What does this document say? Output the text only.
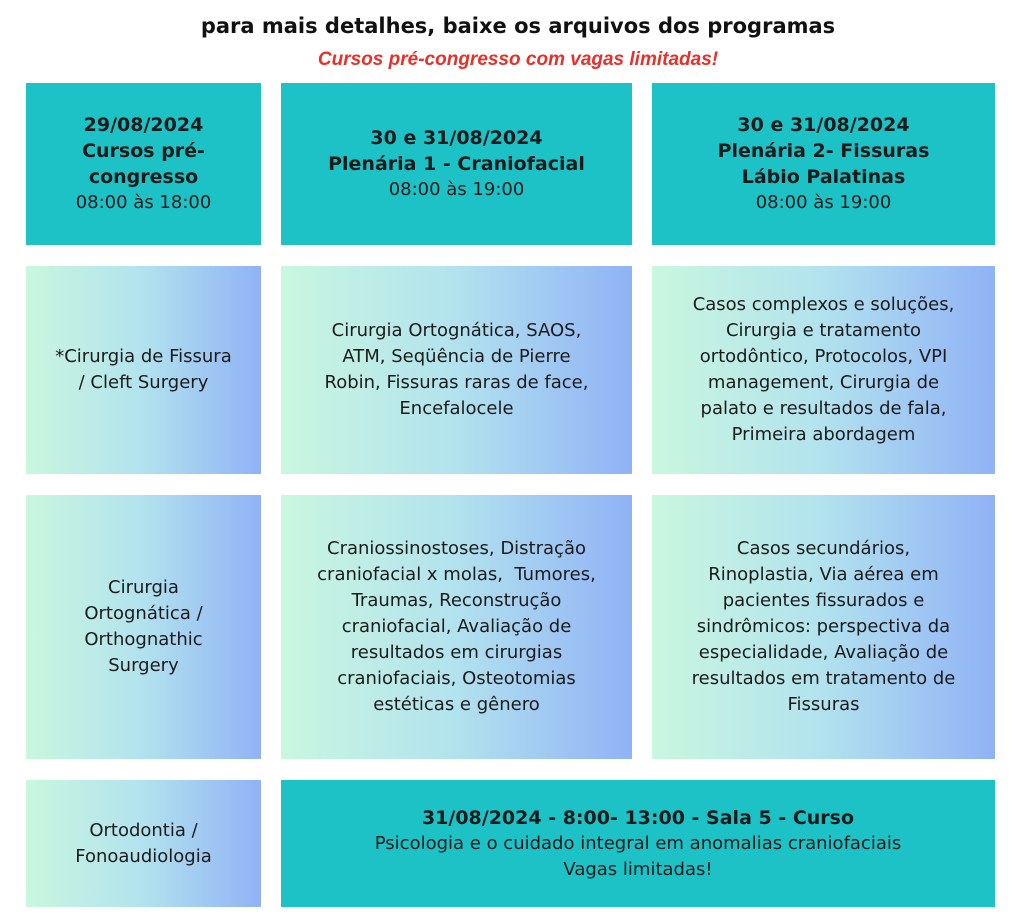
para mais detalhes, baixe os arquivos dos programas
Cursos pré-congresso com vagas limitadas!
29/08/2024
Cursos pré-
congresso
08:00 às 18:00
30 e 31/08/2024
Plenária 1 - Craniofacial
08:00 às 19:00
30 e 31/08/2024
Plenária 2- Fissuras
Lábio Palatinas
08:00 às 19:00
*Cirurgia de Fissura
/ Cleft Surgery
Cirurgia Ortognática, SAOS,
ATM, Seqüência de Pierre
Robin, Fissuras raras de face,
Encefalocele
Casos complexos e soluções,
Cirurgia e tratamento
ortodôntico, Protocolos, VPI
management, Cirurgia de
palato e resultados de fala,
Primeira abordagem
Cirurgia
Ortognática /
Orthognathic
Surgery
Craniossinostoses, Distração
craniofacial x molas,  Tumores,
Traumas, Reconstrução
craniofacial, Avaliação de
resultados em cirurgias
craniofaciais, Osteotomias
estéticas e gênero
Casos secundários,
Rinoplastia, Via aérea em
pacientes fissurados e
sindrômicos: perspectiva da
especialidade, Avaliação de
resultados em tratamento de
Fissuras
Ortodontia /
Fonoaudiologia
31/08/2024 - 8:00- 13:00 - Sala 5 - Curso
Psicologia e o cuidado integral em anomalias craniofaciais
Vagas limitadas!
